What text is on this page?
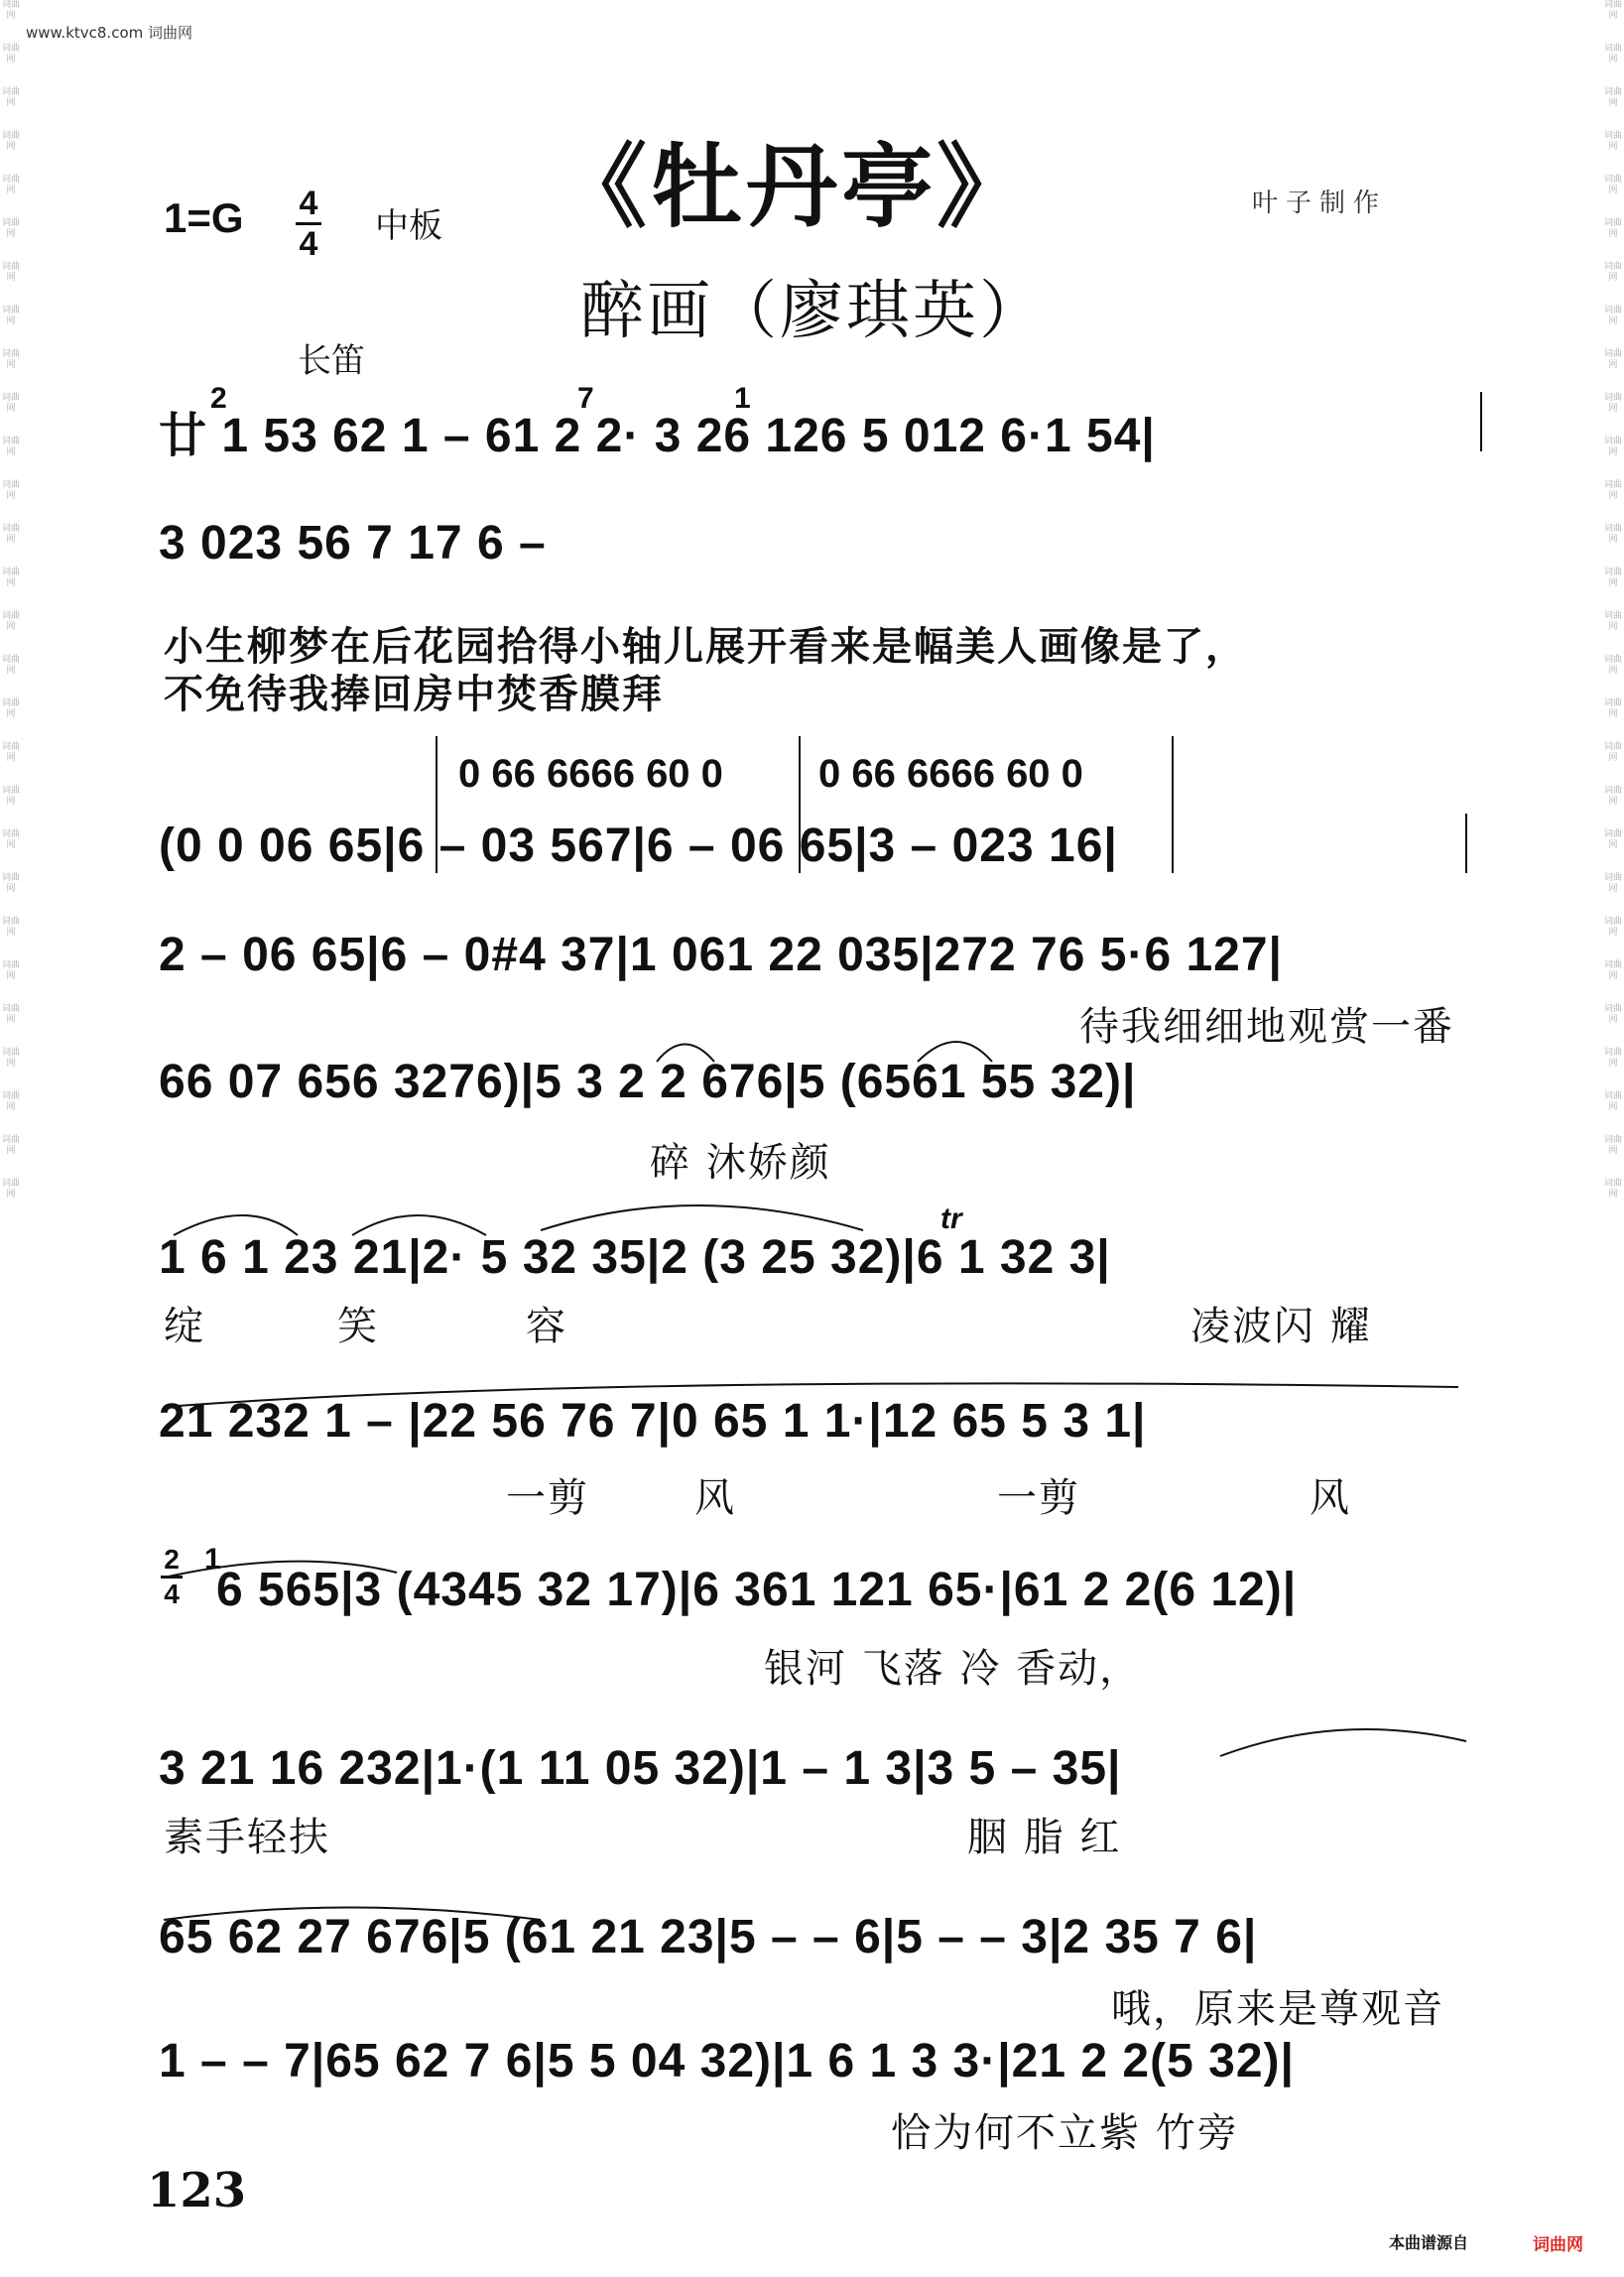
词曲网
词曲网
词曲网
词曲网
词曲网
词曲网
词曲网
词曲网
词曲网
词曲网
词曲网
词曲网
词曲网
词曲网
词曲网
词曲网
词曲网
词曲网
词曲网
词曲网
词曲网
词曲网
词曲网
词曲网
词曲网
词曲网
词曲网
词曲网
词曲网
词曲网
词曲网
词曲网
词曲网
词曲网
词曲网
词曲网
词曲网
词曲网
词曲网
词曲网
词曲网
词曲网
词曲网
词曲网
词曲网
词曲网
词曲网
词曲网
词曲网
词曲网
词曲网
词曲网
词曲网
词曲网
词曲网
词曲网
www.ktvc8.com 词曲网
《牡丹亭》
1=G 4
4 中板
叶子制作
醉画（廖琪英）
长笛
2	7	1
廿 1 53 62 1 – 61 2 2· 3 26 126 5 012 6·1 54|
3 023 56 7 17 6 –
小生柳梦在后花园拾得小轴儿展开看来是幅美人画像是了，
不免待我捧回房中焚香膜拜
0 66 6666 60 0 0 66 6666 60 0
(0 0 06 65|6 – 03 567|6 – 06 65|3 – 023 16|
2 – 06 65|6 – 0#4 37|1 061 22 035|272 76 5·6 127|
待我细细地观赏一番
66 07 656 3276)|5 3 2 2 676|5 (6561 55 32)|
碎 沐娇颜
tr
1 6 1 23 21|2· 5 32 35|2 (3 25 32)|6 1 32 3|
绽	笑	容	凌波闪 耀
21 232 1 – |22 56 76 7|0 65 1 1·|12 65 5 3 1|
一剪	风	一剪	风
2
4
1
6 565|3 (4345 32 17)|6 361 121 65·|61 2 2(6 12)|
银河 飞落 冷 香动，
3 21 16 232|1·(1 11 05 32)|1 – 1 3|3 5 – 35|
素手轻扶	胭 脂 红
65 62 27 676|5 (61 21 23|5 – – 6|5 – – 3|2 35 7 6|
哦，原来是尊观音
1 – – 7|65 62 7 6|5 5 04 32)|1 6 1 3 3·|21 2 2(5 32)|
恰为何不立紫 竹旁
123
本曲谱源自	词曲网
